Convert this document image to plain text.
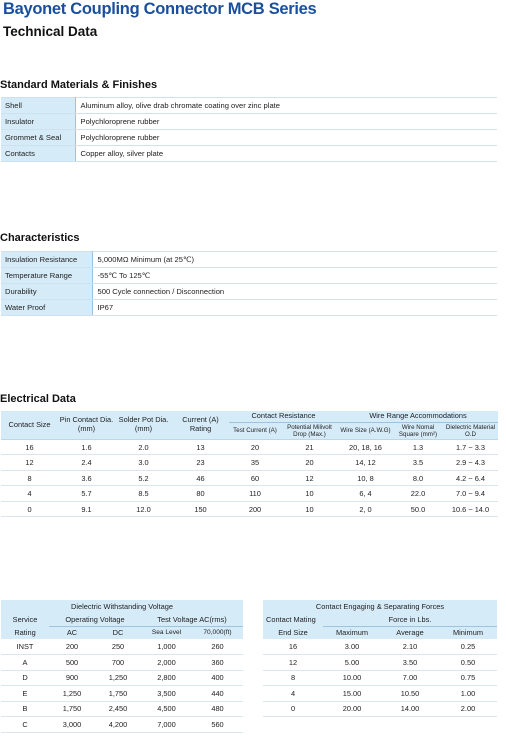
Bayonet Coupling Connector MCB Series
Technical Data
Standard Materials & Finishes
Shell	Aluminum alloy, olive drab chromate coating over zinc plate
Insulator	Polychloroprene rubber
Grommet & Seal	Polychloroprene rubber
Contacts	Copper alloy, silver plate
Characteristics
Insulation Resistance	5,000MΩ Minimum (at 25℃)
Temperature Range	-55℃ To 125℃
Durability	500 Cycle connection / Disconnection
Water Proof	IP67
Electrical Data
Contact Size	Pin Contact Dia. (mm)	Solder Pot Dia. (mm)	Current (A) Rating	Contact Resistance		Wire Range Accommodations		
				Test Current (A)	Potential Milivolt Drop (Max.)	Wire Size (A.W.G)	Wire Nomal Square (mm²)	Dielectric Material O.D
16	1.6	2.0	13	20	21	20, 18, 16	1.3	1.7 ~ 3.3
12	2.4	3.0	23	35	20	14, 12	3.5	2.9 ~ 4.3
8	3.6	5.2	46	60	12	10, 8	8.0	4.2 ~ 6.4
4	5.7	8.5	80	110	10	6, 4	22.0	7.0 ~ 9.4
0	9.1	12.0	150	200	10	2, 0	50.0	10.6 ~ 14.0
Dielectric Withstanding Voltage				
Service	Operating Voltage		Test Voltage AC(rms)	
Rating	AC	DC	Sea Level	70,000(ft)
INST	200	250	1,000	260
A	500	700	2,000	360
D	900	1,250	2,800	400
E	1,250	1,750	3,500	440
B	1,750	2,450	4,500	480
C	3,000	4,200	7,000	560
Contact Engaging & Separating Forces			
Contact Mating	Force in Lbs.		
End Size	Maximum	Average	Minimum
16	3.00	2.10	0.25
12	5.00	3.50	0.50
8	10.00	7.00	0.75
4	15.00	10.50	1.00
0	20.00	14.00	2.00
